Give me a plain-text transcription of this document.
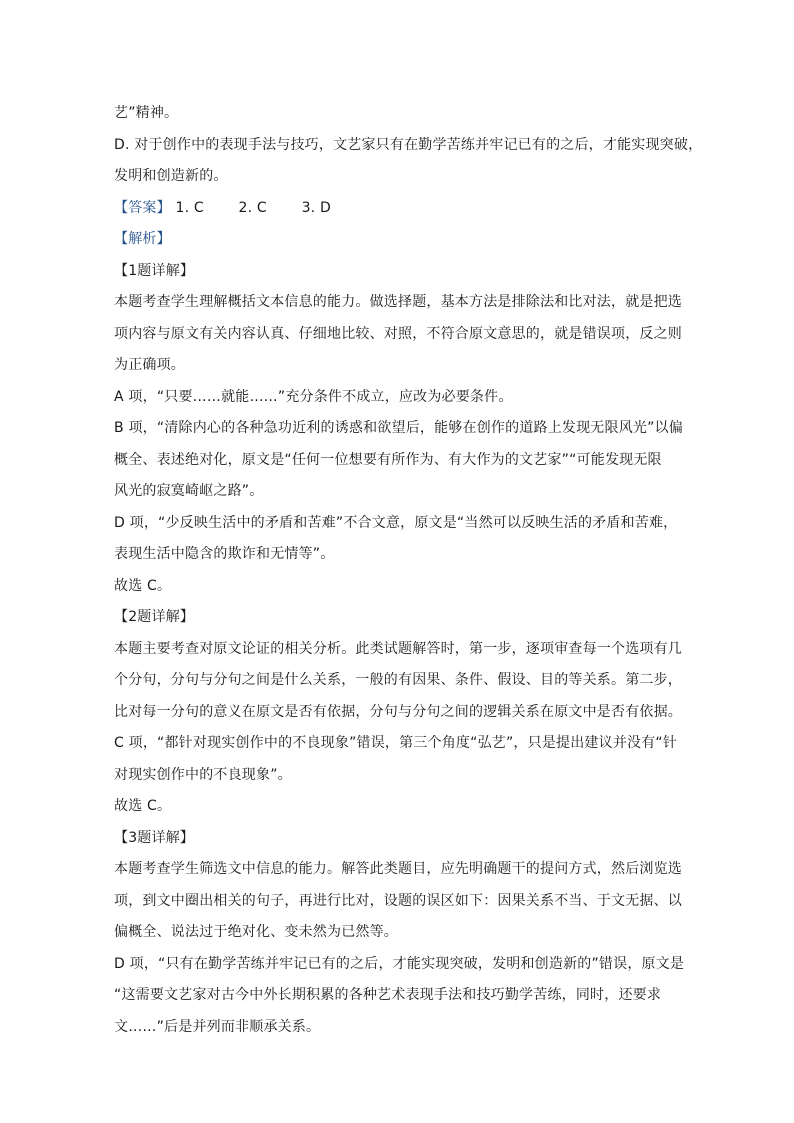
艺”精神。
D. 对于创作中的表现手法与技巧，文艺家只有在勤学苦练并牢记已有的之后，才能实现突破，
发明和创造新的。
【答案】 1. C 2. C 3. D
【解析】
【1题详解】
本题考查学生理解概括文本信息的能力。做选择题，基本方法是排除法和比对法，就是把选
项内容与原文有关内容认真、仔细地比较、对照，不符合原文意思的，就是错误项，反之则
为正确项。
A 项，“只要……就能……”充分条件不成立，应改为必要条件。
B 项，“清除内心的各种急功近利的诱惑和欲望后，能够在创作的道路上发现无限风光”以偏
概全、表述绝对化，原文是“任何一位想要有所作为、有大作为的文艺家”“可能发现无限
风光的寂寞崎岖之路”。
D 项，“少反映生活中的矛盾和苦难”不合文意，原文是“当然可以反映生活的矛盾和苦难，
表现生活中隐含的欺诈和无情等”。
故选 C。
【2题详解】
本题主要考查对原文论证的相关分析。此类试题解答时，第一步，逐项审查每一个选项有几
个分句，分句与分句之间是什么关系，一般的有因果、条件、假设、目的等关系。第二步，
比对每一分句的意义在原文是否有依据，分句与分句之间的逻辑关系在原文中是否有依据。
C 项，“都针对现实创作中的不良现象”错误，第三个角度“弘艺”，只是提出建议并没有“针
对现实创作中的不良现象”。
故选 C。
【3题详解】
本题考查学生筛选文中信息的能力。解答此类题目，应先明确题干的提问方式，然后浏览选
项，到文中圈出相关的句子，再进行比对，设题的误区如下：因果关系不当、于文无据、以
偏概全、说法过于绝对化、变未然为已然等。
D 项，“只有在勤学苦练并牢记已有的之后，才能实现突破，发明和创造新的”错误，原文是
“这需要文艺家对古今中外长期积累的各种艺术表现手法和技巧勤学苦练，同时，还要求
文……”后是并列而非顺承关系。
